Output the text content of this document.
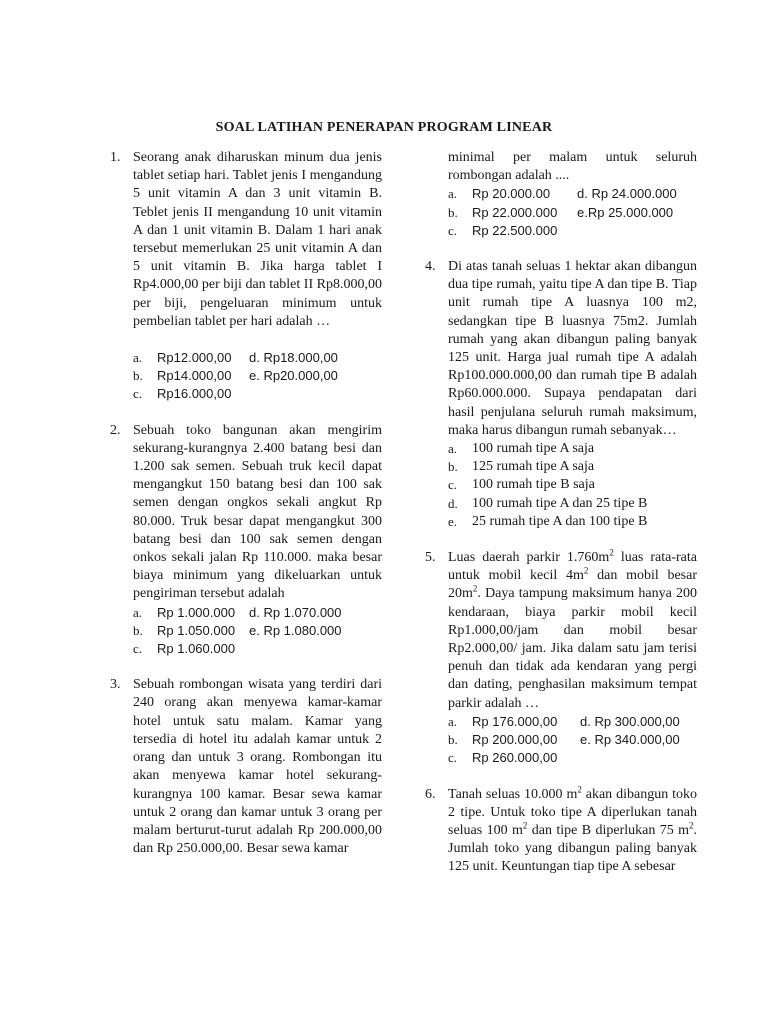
SOAL LATIHAN PENERAPAN PROGRAM LINEAR
1. Seorang anak diharuskan minum dua jenis tablet setiap hari. Tablet jenis I mengandung 5 unit vitamin A dan 3 unit vitamin B. Teblet jenis II mengandung 10 unit vitamin A dan 1 unit vitamin B. Dalam 1 hari anak tersebut memerlukan 25 unit vitamin A dan 5 unit vitamin B. Jika harga tablet I Rp4.000,00 per biji dan tablet II Rp8.000,00 per biji, pengeluaran minimum untuk pembelian tablet per hari adalah …
a.	Rp12.000,00	d. Rp18.000,00
b.	Rp14.000,00	e. Rp20.000,00
c.	Rp16.000,00
2. Sebuah toko bangunan akan mengirim sekurang-kurangnya 2.400 batang besi dan 1.200 sak semen. Sebuah truk kecil dapat mengangkut 150 batang besi dan 100 sak semen dengan ongkos sekali angkut Rp 80.000. Truk besar dapat mengangkut 300 batang besi dan 100 sak semen dengan onkos sekali jalan Rp 110.000. maka besar biaya minimum yang dikeluarkan untuk pengiriman tersebut adalah
a.	Rp 1.000.000	d. Rp 1.070.000
b.	Rp 1.050.000	e. Rp 1.080.000
c.	Rp 1.060.000
3. Sebuah rombongan wisata yang terdiri dari 240 orang akan menyewa kamar-kamar hotel untuk satu malam. Kamar yang tersedia di hotel itu adalah kamar untuk 2 orang dan untuk 3 orang. Rombongan itu akan menyewa kamar hotel sekurang-kurangnya 100 kamar. Besar sewa kamar untuk 2 orang dan kamar untuk 3 orang per malam berturut-turut adalah Rp 200.000,00 dan Rp 250.000,00. Besar sewa kamar
minimal per malam untuk seluruh rombongan adalah ....
a.	Rp 20.000.00	d. Rp 24.000.000
b.	Rp 22.000.000	e.Rp 25.000.000
c.	Rp 22.500.000
4. Di atas tanah seluas 1 hektar akan dibangun dua tipe rumah, yaitu tipe A dan tipe B. Tiap unit rumah tipe A luasnya 100 m2, sedangkan tipe B luasnya 75m2. Jumlah rumah yang akan dibangun paling banyak 125 unit. Harga jual rumah tipe A adalah Rp100.000.000,00 dan rumah tipe B adalah Rp60.000.000. Supaya pendapatan dari hasil penjulana seluruh rumah maksimum, maka harus dibangun rumah sebanyak…
a.	100 rumah tipe A saja
b.	125 rumah tipe A saja
c.	100 rumah tipe B saja
d.	100 rumah tipe A dan 25 tipe B
e.	25 rumah tipe A dan 100 tipe B
5. Luas daerah parkir $1.760m^2$ luas rata-rata untuk mobil kecil $4m^2$ dan mobil besar $20m^2$. Daya tampung maksimum hanya 200 kendaraan, biaya parkir mobil kecil Rp1.000,00/jam dan mobil besar Rp2.000,00/ jam. Jika dalam satu jam terisi penuh dan tidak ada kendaran yang pergi dan dating, penghasilan maksimum tempat parkir adalah …
a.	Rp 176.000,00	d. Rp 300.000,00
b.	Rp 200.000,00	e. Rp 340.000,00
c.	Rp 260.000,00
6. Tanah seluas 10.000 $m^2$ akan dibangun toko 2 tipe. Untuk toko tipe A diperlukan tanah seluas 100 $m^2$ dan tipe B diperlukan 75 $m^2$. Jumlah toko yang dibangun paling banyak 125 unit. Keuntungan tiap tipe A sebesar
